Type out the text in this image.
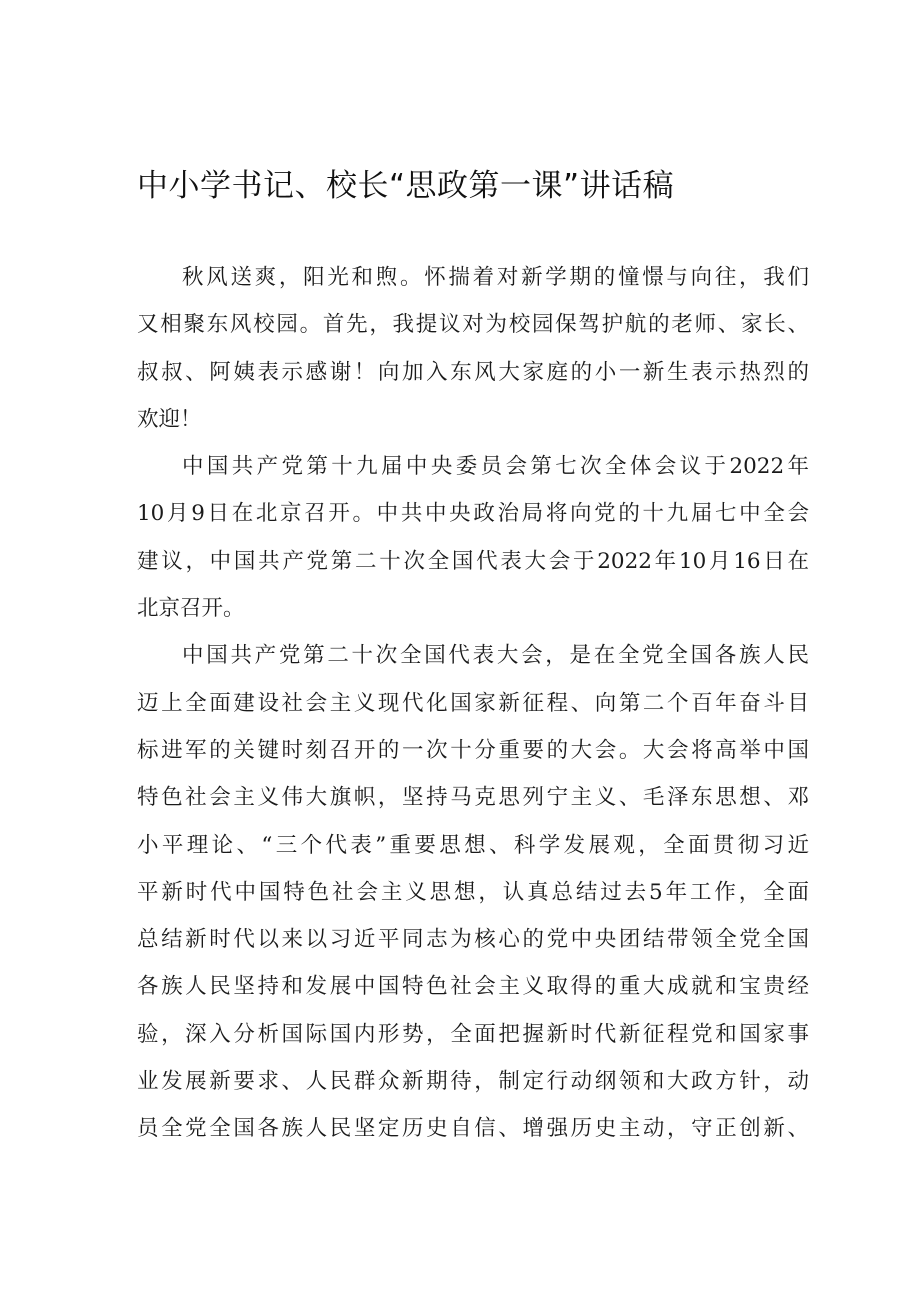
中小学书记、校长“思政第一课”讲话稿
秋风送爽，阳光和煦。怀揣着对新学期的憧憬与向往，我们
又相聚东风校园。首先，我提议对为校园保驾护航的老师、家长、
叔叔、阿姨表示感谢！向加入东风大家庭的小一新生表示热烈的
欢迎！
中国共产党第十九届中央委员会第七次全体会议于2022年
10月9日在北京召开。中共中央政治局将向党的十九届七中全会
建议，中国共产党第二十次全国代表大会于2022年10月16日在
北京召开。
中国共产党第二十次全国代表大会，是在全党全国各族人民
迈上全面建设社会主义现代化国家新征程、向第二个百年奋斗目
标进军的关键时刻召开的一次十分重要的大会。大会将高举中国
特色社会主义伟大旗帜，坚持马克思列宁主义、毛泽东思想、邓
小平理论、“三个代表”重要思想、科学发展观，全面贯彻习近
平新时代中国特色社会主义思想，认真总结过去5年工作，全面
总结新时代以来以习近平同志为核心的党中央团结带领全党全国
各族人民坚持和发展中国特色社会主义取得的重大成就和宝贵经
验，深入分析国际国内形势，全面把握新时代新征程党和国家事
业发展新要求、人民群众新期待，制定行动纲领和大政方针，动
员全党全国各族人民坚定历史自信、增强历史主动，守正创新、
